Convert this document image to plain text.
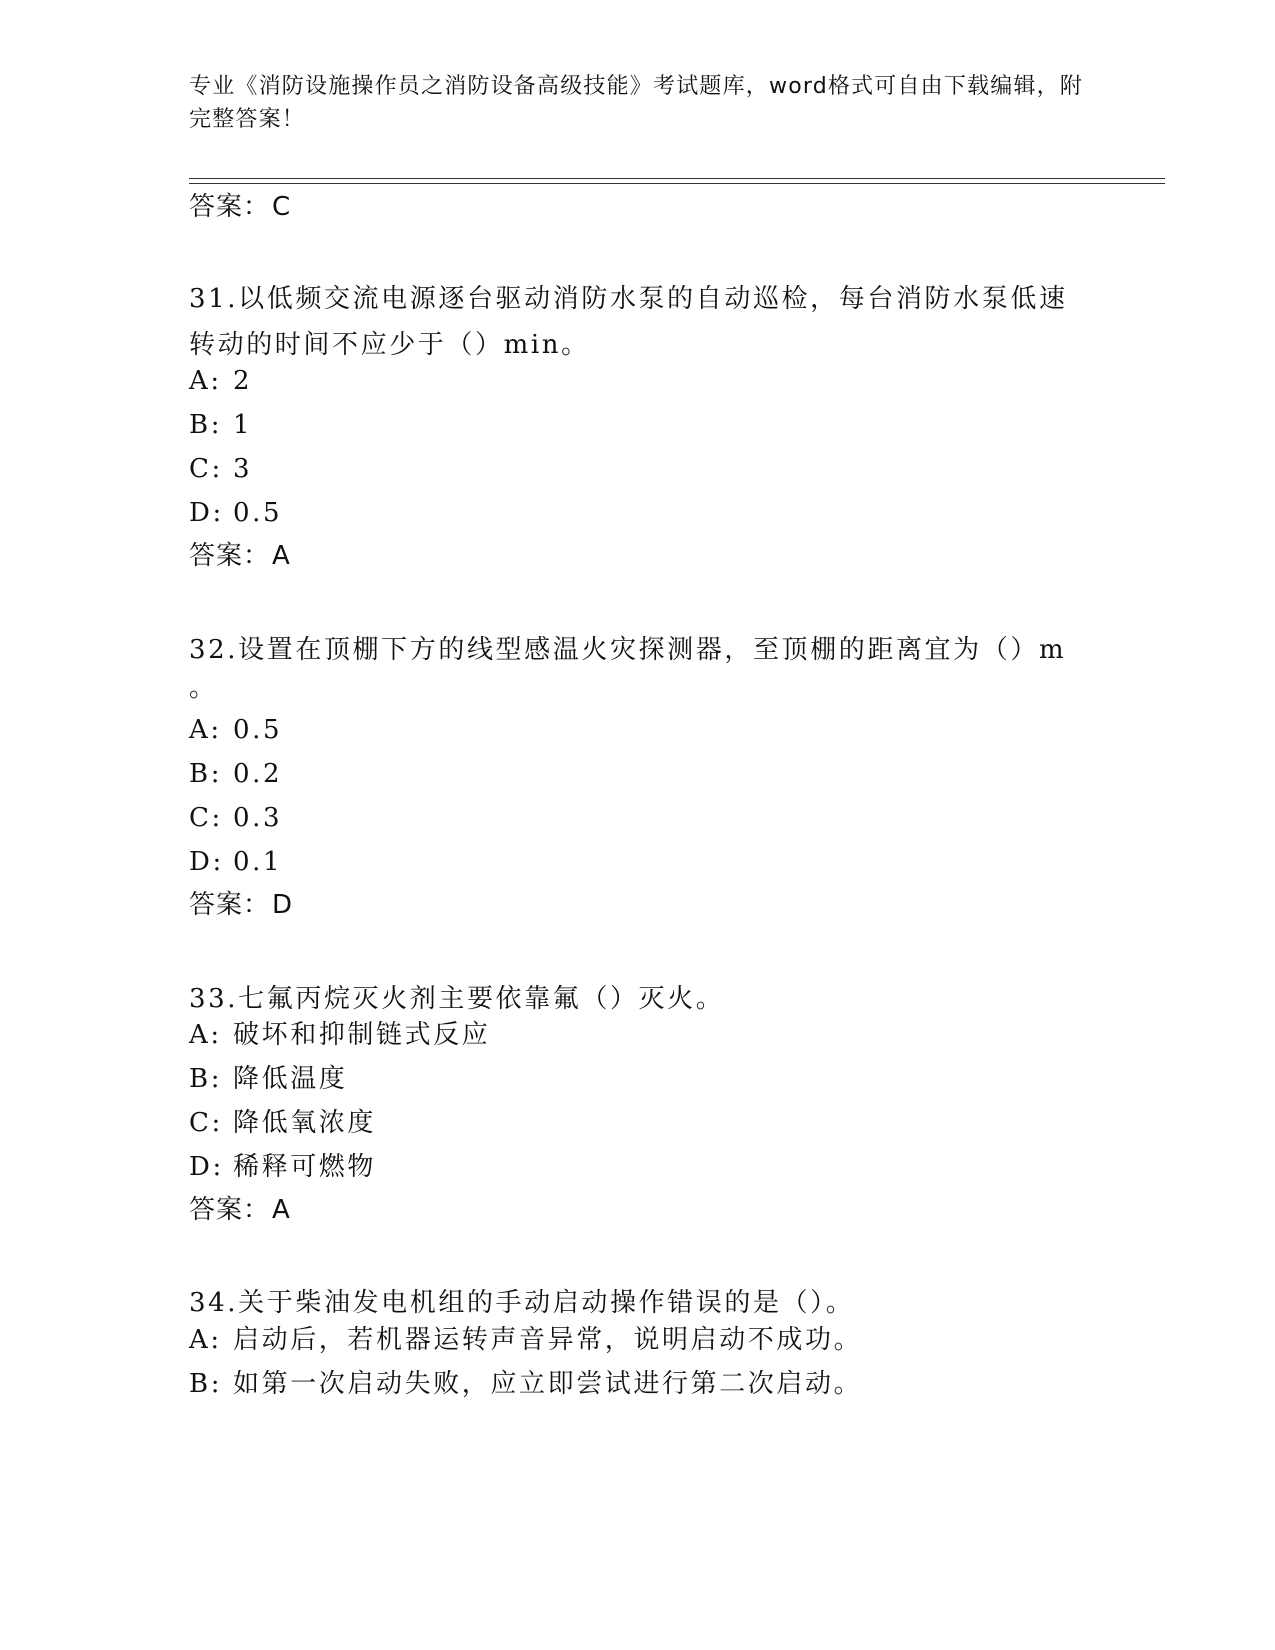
专业《消防设施操作员之消防设备高级技能》考试题库，word格式可自由下载编辑，附完整答案！
答案：C
31.以低频交流电源逐台驱动消防水泵的自动巡检，每台消防水泵低速转动的时间不应少于（）min。
A: 2
B: 1
C: 3
D: 0.5
答案：A
32.设置在顶棚下方的线型感温火灾探测器，至顶棚的距离宜为（）m
。
A: 0.5
B: 0.2
C: 0.3
D: 0.1
答案：D
33.七氟丙烷灭火剂主要依靠氟（）灭火。
A: 破坏和抑制链式反应
B: 降低温度
C: 降低氧浓度
D: 稀释可燃物
答案：A
34.关于柴油发电机组的手动启动操作错误的是（）。
A: 启动后，若机器运转声音异常，说明启动不成功。
B: 如第一次启动失败，应立即尝试进行第二次启动。
